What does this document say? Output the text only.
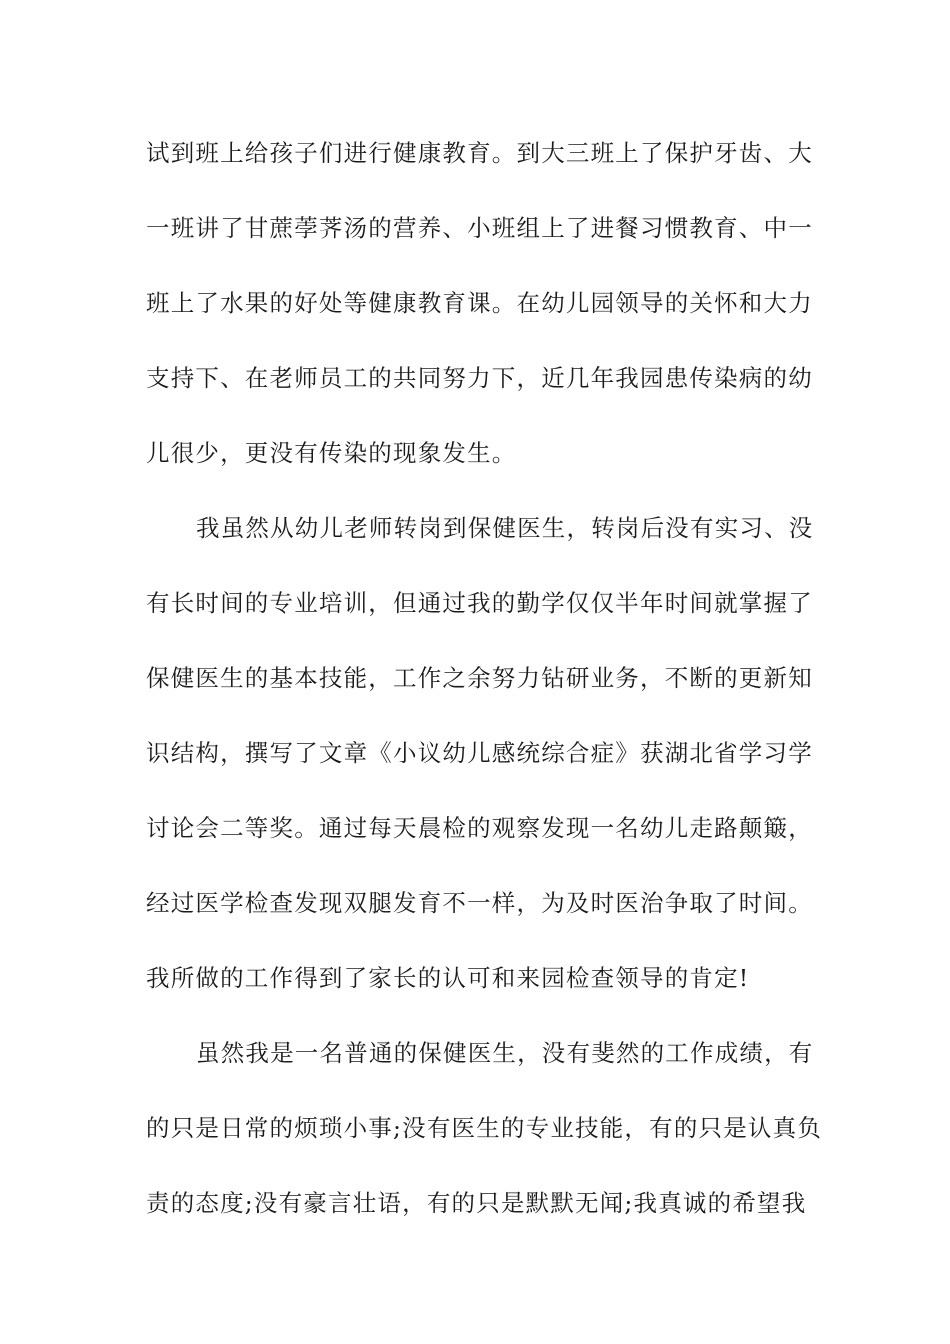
试到班上给孩子们进行健康教育。到大三班上了保护牙齿、大
一班讲了甘蔗荸荠汤的营养、小班组上了进餐习惯教育、中一
班上了水果的好处等健康教育课。在幼儿园领导的关怀和大力
支持下、在老师员工的共同努力下，近几年我园患传染病的幼
儿很少，更没有传染的现象发生。
我虽然从幼儿老师转岗到保健医生，转岗后没有实习、没
有长时间的专业培训，但通过我的勤学仅仅半年时间就掌握了
保健医生的基本技能，工作之余努力钻研业务，不断的更新知
识结构，撰写了文章《小议幼儿感统综合症》获湖北省学习学
讨论会二等奖。通过每天晨检的观察发现一名幼儿走路颠簸，
经过医学检查发现双腿发育不一样，为及时医治争取了时间。
我所做的工作得到了家长的认可和来园检查领导的肯定!
虽然我是一名普通的保健医生，没有斐然的工作成绩，有
的只是日常的烦琐小事;没有医生的专业技能，有的只是认真负
责的态度;没有豪言壮语，有的只是默默无闻;我真诚的希望我
